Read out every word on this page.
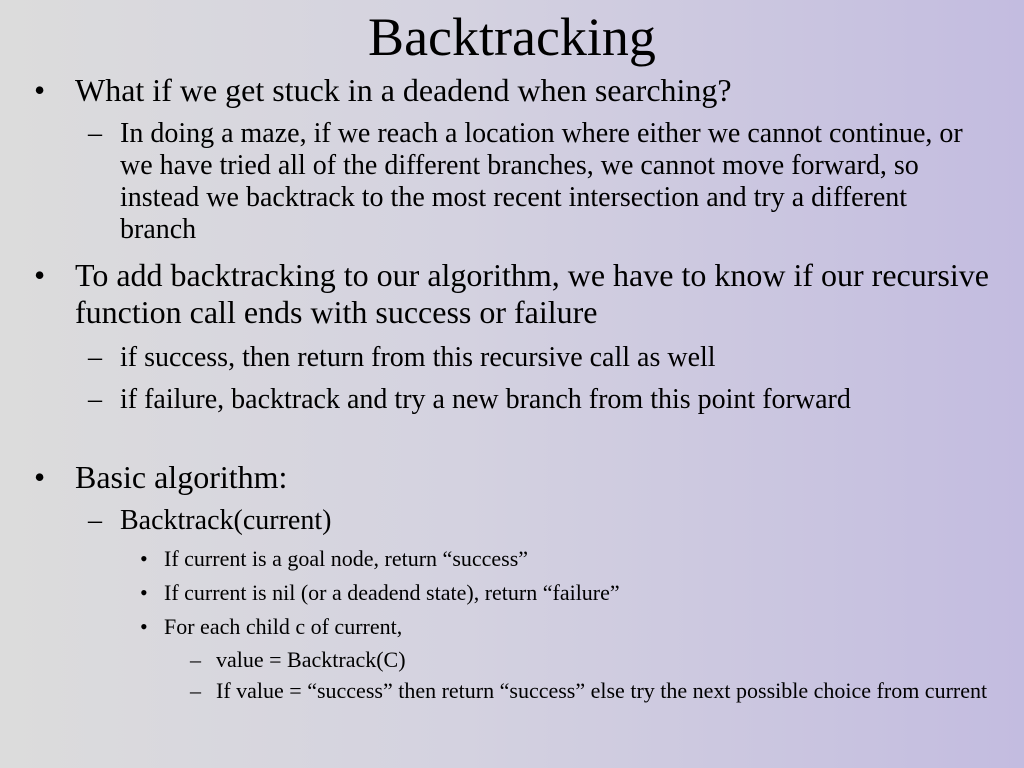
Backtracking
• What if we get stuck in a deadend when searching?
– In doing a maze, if we reach a location where either we cannot continue, or we have tried all of the different branches, we cannot move forward, so instead we backtrack to the most recent intersection and try a different branch
• To add backtracking to our algorithm, we have to know if our recursive function call ends with success or failure
– if success, then return from this recursive call as well
– if failure, backtrack and try a new branch from this point forward
• Basic algorithm:
– Backtrack(current)
• If current is a goal node, return “success”
• If current is nil (or a deadend state), return “failure”
• For each child c of current,
– value = Backtrack(C)
– If value = “success” then return “success” else try the next possible choice from current
